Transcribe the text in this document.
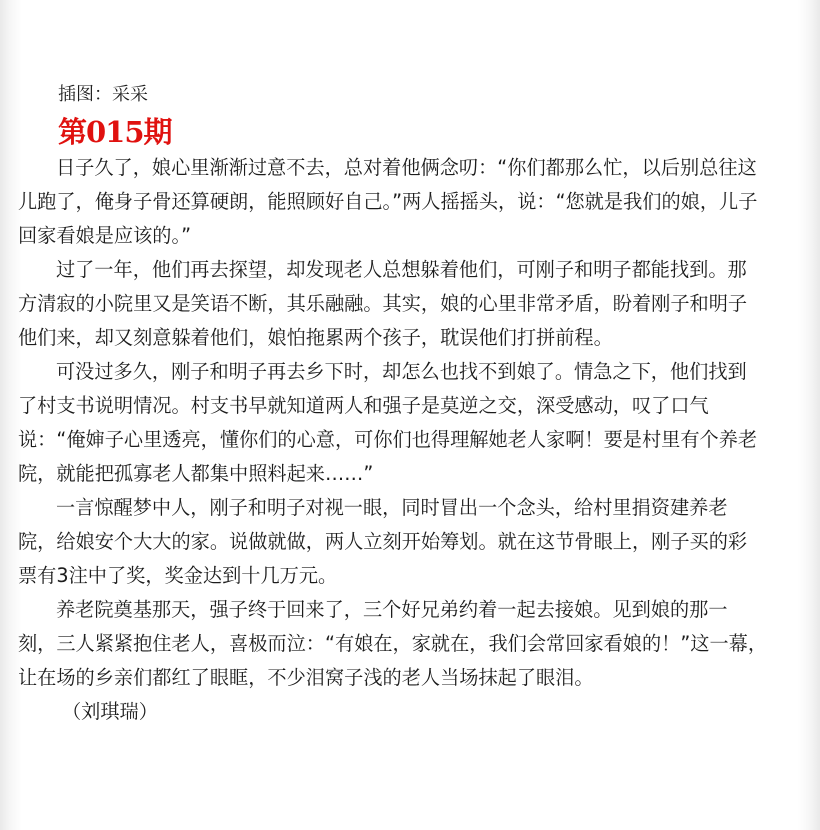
插图：采采
第015期
日子久了，娘心里渐渐过意不去，总对着他俩念叨：“你们都那么忙，以后别总往这
儿跑了，俺身子骨还算硬朗，能照顾好自己。”两人摇摇头，说：“您就是我们的娘，儿子
回家看娘是应该的。”
过了一年，他们再去探望，却发现老人总想躲着他们，可刚子和明子都能找到。那
方清寂的小院里又是笑语不断，其乐融融。其实，娘的心里非常矛盾，盼着刚子和明子
他们来，却又刻意躲着他们，娘怕拖累两个孩子，耽误他们打拼前程。
可没过多久，刚子和明子再去乡下时，却怎么也找不到娘了。情急之下，他们找到
了村支书说明情况。村支书早就知道两人和强子是莫逆之交，深受感动，叹了口气
说：“俺婶子心里透亮，懂你们的心意，可你们也得理解她老人家啊！要是村里有个养老
院，就能把孤寡老人都集中照料起来……”
一言惊醒梦中人，刚子和明子对视一眼，同时冒出一个念头，给村里捐资建养老
院，给娘安个大大的家。说做就做，两人立刻开始筹划。就在这节骨眼上，刚子买的彩
票有3注中了奖，奖金达到十几万元。
养老院奠基那天，强子终于回来了，三个好兄弟约着一起去接娘。见到娘的那一
刻，三人紧紧抱住老人，喜极而泣：“有娘在，家就在，我们会常回家看娘的！”这一幕，
让在场的乡亲们都红了眼眶，不少泪窝子浅的老人当场抹起了眼泪。
（刘琪瑞）
